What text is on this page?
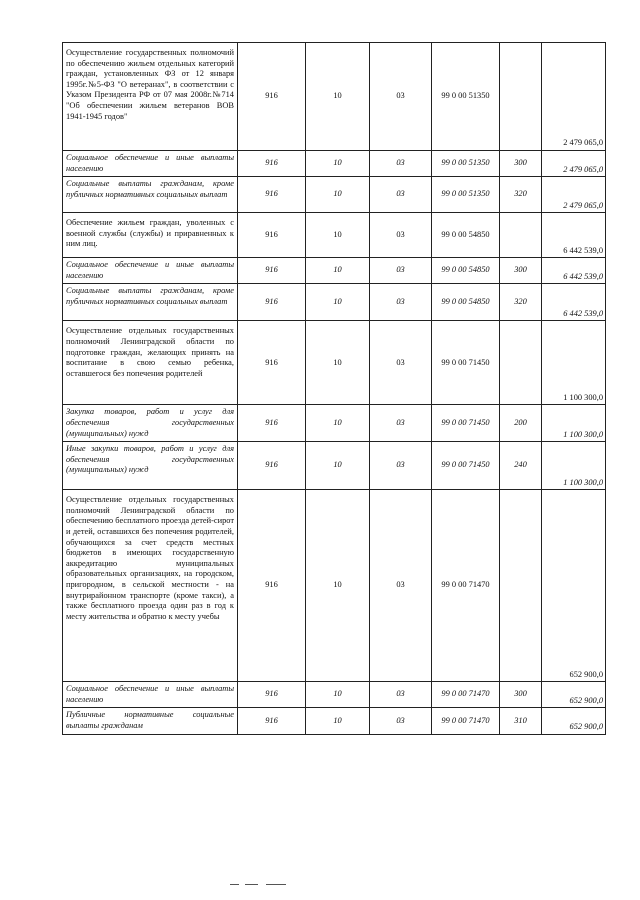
Осуществление государственных полномочий по обеспечению жильем отдельных категорий граждан, установленных ФЗ от 12 января 1995г.№5-ФЗ "О ветеранах", в соответствии с Указом Президента РФ от 07 мая 2008г.№714 "Об обеспечении жильем ветеранов ВОВ 1941-1945 годов"	916	10	03	99 0 00 51350		2 479 065,0
Социальное обеспечение и иные выплаты населению	916	10	03	99 0 00 51350	300	2 479 065,0
Социальные выплаты гражданам, кроме публичных нормативных социальных выплат	916	10	03	99 0 00 51350	320	2 479 065,0
Обеспечение жильем граждан, уволенных с военной службы (службы) и приравненных к ним лиц.	916	10	03	99 0 00 54850		6 442 539,0
Социальное обеспечение и иные выплаты населению	916	10	03	99 0 00 54850	300	6 442 539,0
Социальные выплаты гражданам, кроме публичных нормативных социальных выплат	916	10	03	99 0 00 54850	320	6 442 539,0
Осуществление отдельных государственных полномочий Ленинградской области по подготовке граждан, желающих принять на воспитание в свою семью ребенка, оставшегося без попечения родителей	916	10	03	99 0 00 71450		1 100 300,0
Закупка товаров, работ и услуг для обеспечения государственных (муниципальных) нужд	916	10	03	99 0 00 71450	200	1 100 300,0
Иные закупки товаров, работ и услуг для обеспечения государственных (муниципальных) нужд	916	10	03	99 0 00 71450	240	1 100 300,0
Осуществление отдельных государственных полномочий Ленинградской области по обеспечению бесплатного проезда детей-сирот и детей, оставшихся без попечения родителей, обучающихся за счет средств местных бюджетов в имеющих государственную аккредитацию муниципальных образовательных организациях, на городском, пригородном, в сельской местности - на внутрирайонном транспорте (кроме такси), а также бесплатного проезда один раз в год к месту жительства и обратно к месту учебы	916	10	03	99 0 00 71470		652 900,0
Социальное обеспечение и иные выплаты населению	916	10	03	99 0 00 71470	300	652 900,0
Публичные нормативные социальные выплаты гражданам	916	10	03	99 0 00 71470	310	652 900,0
